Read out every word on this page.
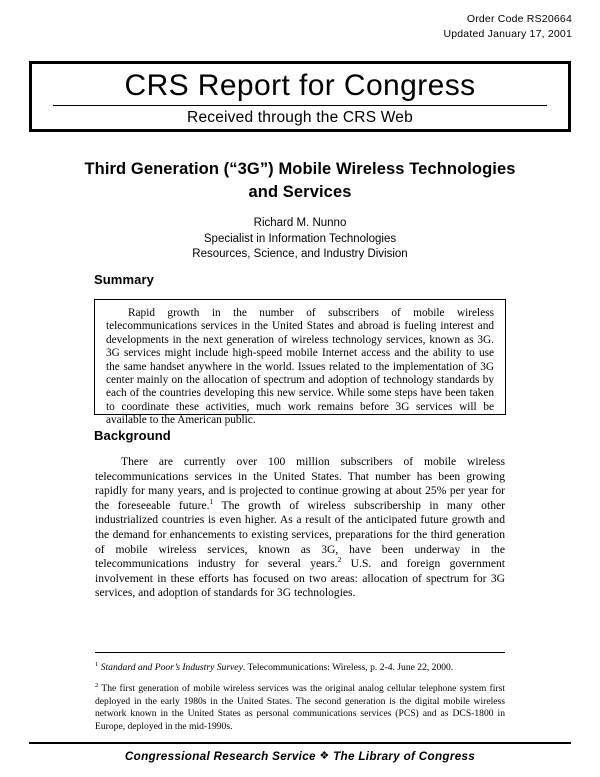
Order Code RS20664
Updated January 17, 2001
CRS Report for Congress
Received through the CRS Web
Third Generation (“3G”) Mobile Wireless Technologies and Services
Richard M. Nunno
Specialist in Information Technologies
Resources, Science, and Industry Division
Summary

Rapid growth in the number of subscribers of mobile wireless telecommunications services in the United States and abroad is fueling interest and developments in the next generation of wireless technology services, known as 3G. 3G services might include high-speed mobile Internet access and the ability to use the same handset anywhere in the world. Issues related to the implementation of 3G center mainly on the allocation of spectrum and adoption of technology standards by each of the countries developing this new service. While some steps have been taken to coordinate these activities, much work remains before 3G services will be available to the American public.

Background

There are currently over 100 million subscribers of mobile wireless telecommunications services in the United States. That number has been growing rapidly for many years, and is projected to continue growing at about 25% per year for the foreseeable future.$^1$ The growth of wireless subscribership in many other industrialized countries is even higher. As a result of the anticipated future growth and the demand for enhancements to existing services, preparations for the third generation of mobile wireless services, known as 3G, have been underway in the telecommunications industry for several years.$^2$ U.S. and foreign government involvement in these efforts has focused on two areas: allocation of spectrum for 3G services, and adoption of standards for 3G technologies.

$^1$ Standard and Poor’s Industry Survey. Telecommunications: Wireless, p. 2-4. June 22, 2000.

$^2$ The first generation of mobile wireless services was the original analog cellular telephone system first deployed in the early 1980s in the United States. The second generation is the digital mobile wireless network known in the United States as personal communications services (PCS) and as DCS-1800 in Europe, deployed in the mid-1990s.

Congressional Research Service ❖ The Library of Congress
